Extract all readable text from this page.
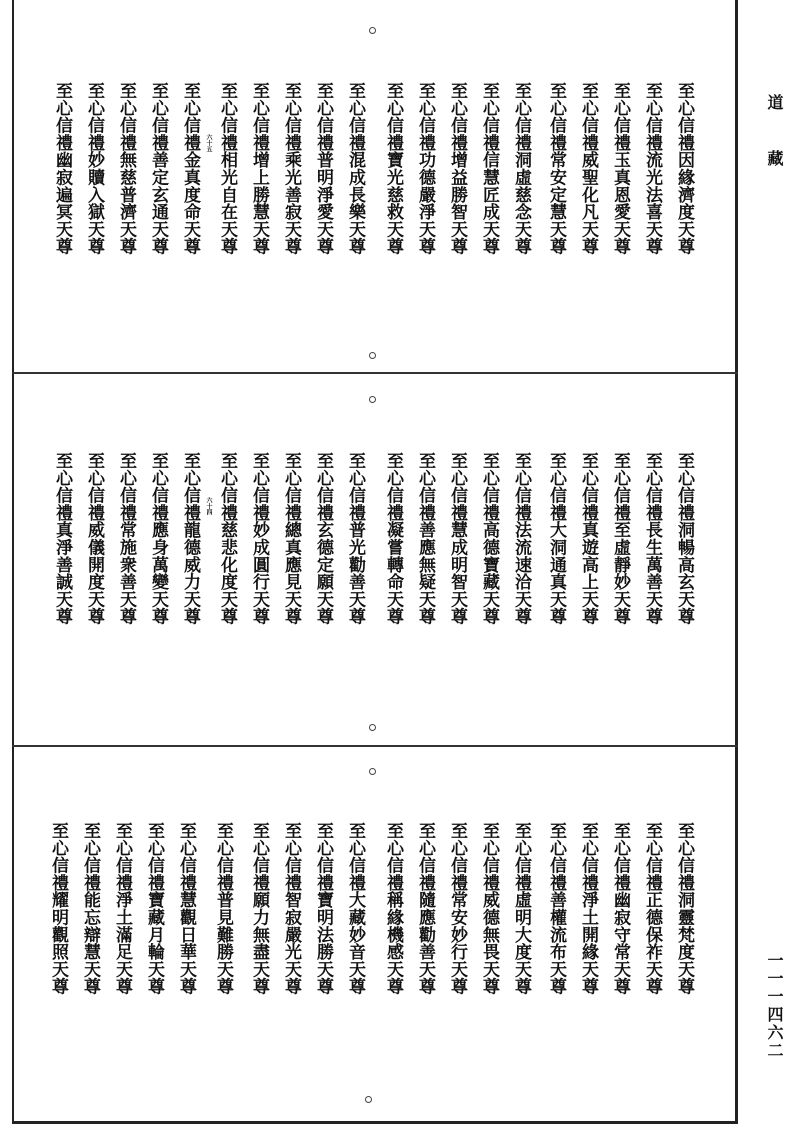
至心信禮因緣濟度天尊
至心信禮流光法喜天尊
至心信禮玉真恩愛天尊
至心信禮威聖化凡天尊
至心信禮常安定慧天尊
至心信禮洞虛慈念天尊
至心信禮信慧匠成天尊
至心信禮增益勝智天尊
至心信禮功德嚴淨天尊
至心信禮寶光慈救天尊
至心信禮混成長樂天尊
至心信禮普明淨愛天尊
至心信禮乘光善寂天尊
至心信禮增上勝慧天尊
至心信禮相光自在天尊
至心信禮金真度命天尊
至心信禮善定玄通天尊
至心信禮無慈普濟天尊
至心信禮妙贖入獄天尊
至心信禮幽寂遍冥天尊	六十五
至心信禮洞暢高玄天尊
至心信禮長生萬善天尊
至心信禮至虛靜妙天尊
至心信禮真遊高上天尊
至心信禮大洞通真天尊
至心信禮法流速洽天尊
至心信禮高德寶藏天尊
至心信禮慧成明智天尊
至心信禮善應無疑天尊
至心信禮凝嘗轉命天尊
至心信禮普光勸善天尊
至心信禮玄德定願天尊
至心信禮總真應見天尊
至心信禮妙成圓行天尊
至心信禮慈悲化度天尊
至心信禮龍德威力天尊
至心信禮應身萬變天尊
至心信禮常施衆善天尊
至心信禮威儀開度天尊
至心信禮真淨善誠天尊	六十四
至心信禮洞靈梵度天尊
至心信禮正德保祚天尊
至心信禮幽寂守常天尊
至心信禮淨土開緣天尊
至心信禮善權流布天尊
至心信禮虛明大度天尊
至心信禮威德無畏天尊
至心信禮常安妙行天尊
至心信禮隨應勸善天尊
至心信禮稱緣機感天尊
至心信禮大藏妙音天尊
至心信禮寶明法勝天尊
至心信禮智寂嚴光天尊
至心信禮願力無盡天尊
至心信禮普見難勝天尊
至心信禮慧觀日華天尊
至心信禮寶藏月輪天尊
至心信禮淨土滿足天尊
至心信禮能忘辯慧天尊
至心信禮耀明觀照天尊
道
藏
一一一四六二
